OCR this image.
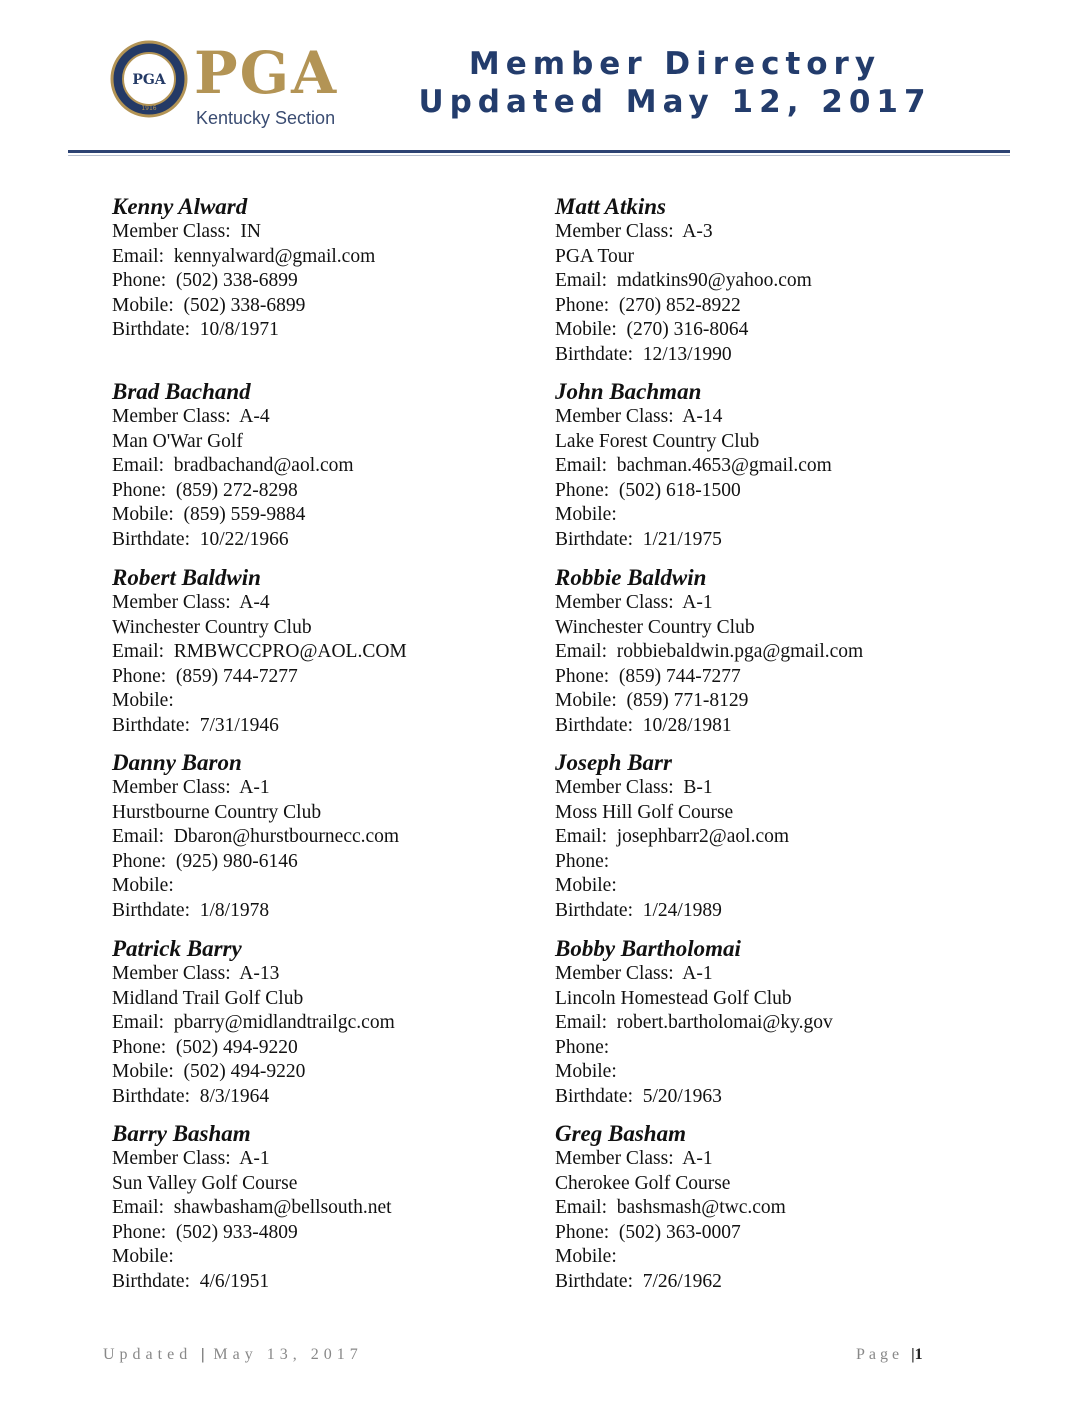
PGA
1916
PGA
Kentucky Section
Member Directory
Updated May 12, 2017
Kenny Alward
Member Class:  IN
Email:  kennyalward@gmail.com
Phone:  (502) 338-6899
Mobile:  (502) 338-6899
Birthdate:  10/8/1971
Matt Atkins
Member Class:  A-3
PGA Tour
Email:  mdatkins90@yahoo.com
Phone:  (270) 852-8922
Mobile:  (270) 316-8064
Birthdate:  12/13/1990
Brad Bachand
Member Class:  A-4
Man O'War Golf
Email:  bradbachand@aol.com
Phone:  (859) 272-8298
Mobile:  (859) 559-9884
Birthdate:  10/22/1966
John Bachman
Member Class:  A-14
Lake Forest Country Club
Email:  bachman.4653@gmail.com
Phone:  (502) 618-1500
Mobile:
Birthdate:  1/21/1975
Robert Baldwin
Member Class:  A-4
Winchester Country Club
Email:  RMBWCCPRO@AOL.COM
Phone:  (859) 744-7277
Mobile:
Birthdate:  7/31/1946
Robbie Baldwin
Member Class:  A-1
Winchester Country Club
Email:  robbiebaldwin.pga@gmail.com
Phone:  (859) 744-7277
Mobile:  (859) 771-8129
Birthdate:  10/28/1981
Danny Baron
Member Class:  A-1
Hurstbourne Country Club
Email:  Dbaron@hurstbournecc.com
Phone:  (925) 980-6146
Mobile:
Birthdate:  1/8/1978
Joseph Barr
Member Class:  B-1
Moss Hill Golf Course
Email:  josephbarr2@aol.com
Phone:
Mobile:
Birthdate:  1/24/1989
Patrick Barry
Member Class:  A-13
Midland Trail Golf Club
Email:  pbarry@midlandtrailgc.com
Phone:  (502) 494-9220
Mobile:  (502) 494-9220
Birthdate:  8/3/1964
Bobby Bartholomai
Member Class:  A-1
Lincoln Homestead Golf Club
Email:  robert.bartholomai@ky.gov
Phone:
Mobile:
Birthdate:  5/20/1963
Barry Basham
Member Class:  A-1
Sun Valley Golf Course
Email:  shawbasham@bellsouth.net
Phone:  (502) 933-4809
Mobile:
Birthdate:  4/6/1951
Greg Basham
Member Class:  A-1
Cherokee Golf Course
Email:  bashsmash@twc.com
Phone:  (502) 363-0007
Mobile:
Birthdate:  7/26/1962
Updated | May 13, 2017	Page |1
